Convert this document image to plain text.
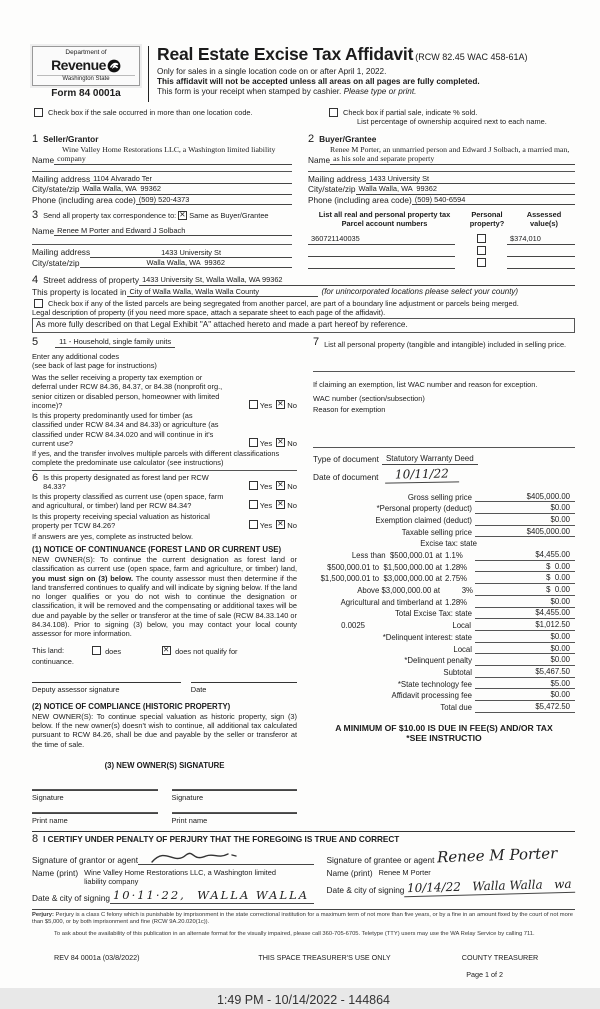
Department of
Revenue
Washington State
Form 84 0001a
Real Estate Excise Tax Affidavit (RCW 82.45 WAC 458-61A)
Only for sales in a single location code on or after April 1, 2022.
This affidavit will not be accepted unless all areas on all pages are fully completed.
This form is your receipt when stamped by cashier. Please type or print.
Check box if the sale occurred in more than one location code.	Check box if partial sale, indicate % sold.
List percentage of ownership acquired next to each name.
1 Seller/Grantor
Wine Valley Home Restorations LLC, a Washington limited liability
Name company
Mailing address 1104 Alvarado Ter
City/state/zip Walla Walla, WA  99362
Phone (including area code) (509) 520-4373
2 Buyer/Grantee
Renee M Porter, an unmarried person and Edward J Solbach, a married man,
Name as his sole and separate property
Mailing address 1433 University St
City/state/zip Walla Walla, WA  99362
Phone (including area code) (509) 540-6594
3 Send all property tax correspondence to: ✕ Same as Buyer/Grantee
Name Renee M Porter and Edward J Solbach
Mailing address	1433 University St
City/state/zip	Walla Walla, WA  99362
List all real and personal property tax
Parcel account numbers
Personal
property?
Assessed
value(s)
360721140035	$374,010
4 Street address of property 1433 University St, Walla Walla, WA 99362
This property is located in City of Walla Walla, Walla Walla County	(for unincorporated locations please select your county)
Check box if any of the listed parcels are being segregated from another parcel, are part of a boundary line adjustment or parcels being merged.
Legal description of property (if you need more space, attach a separate sheet to each page of the affidavit).
As more fully described on that Legal Exhibit "A" attached hereto and made a part hereof by reference.
5	11 - Household, single family units
Enter any additional codes
(see back of last page for instructions)
Was the seller receiving a property tax exemption or deferral under RCW 84.36, 84.37, or 84.38 (nonprofit org., senior citizen or disabled person, homeowner with limited income)?	Yes ✕ No
Is this property predominantly used for timber (as classified under RCW 84.34 and 84.33) or agriculture (as classified under RCW 84.34.020 and will continue in it's current use?	Yes ✕ No
If yes, and the transfer involves multiple parcels with different classifications
complete the predominate use calculator (see instructions)
6 Is this property designated as forest land per RCW 84.33?	Yes ✕ No
Is this property classified as current use (open space, farm and agricultural, or timber) land per RCW 84.34?	Yes ✕ No
Is this property receiving special valuation as historical property per TCW 84.26?	Yes ✕ No
If answers are yes, complete as instructed below.
(1) NOTICE OF CONTINUANCE (FOREST LAND OR CURRENT USE)
NEW OWNER(S): To continue the current designation as forest land or classification as current use (open space, farm and agriculture, or timber) land, you must sign on (3) below. The county assessor must then determine if the land transferred continues to qualify and will indicate by signing below. If the land no longer qualifies or you do not wish to continue the designation or classification, it will be removed and the compensating or additional taxes will be due and payable by the seller or transferor at the time of sale (RCW 84.33.140 or 84.34.108). Prior to signing (3) below, you may contact your local county assessor for more information.
This land:	does ✕	does not qualify for
continuance.
Deputy assessor signature	Date
(2) NOTICE OF COMPLIANCE (HISTORIC PROPERTY)
NEW OWNER(S): To continue special valuation as historic property, sign (3) below. If the new owner(s) doesn't wish to continue, all additional tax calculated pursuant to RCW 84.26, shall be due and payable by the seller or transferor at the time of sale.
(3) NEW OWNER(S) SIGNATURE
Signature	Signature
Print name	Print name
7 List all personal property (tangible and intangible) included in selling price.
If claiming an exemption, list WAC number and reason for exception.
WAC number (section/subsection)
Reason for exemption
Type of document Statutory Warranty Deed
Date of document	10/11/22
Gross selling price	$405,000.00
*Personal property (deduct)	$0.00
Exemption claimed (deduct)	$0.00
Taxable selling price	$405,000.00
Excise tax: state
Less than  $500,000.01 at 1.1%	$4,455.00
$500,000.01 to  $1,500,000.00 at 1.28%	$  0.00
$1,500,000.01 to  $3,000,000.00 at 2.75%	$  0.00
Above $3,000,000.00 at	3%	$  0.00
Agricultural and timberland at 1.28%	$0.00
Total Excise Tax: state	$4,455.00
0.0025	Local	$1,012.50
*Delinquent interest: state	$0.00
Local	$0.00
*Delinquent penalty	$0.00
Subtotal	$5,467.50
*State technology fee	$5.00
Affidavit processing fee	$0.00
Total due	$5,472.50
A MINIMUM OF $10.00 IS DUE IN FEE(S) AND/OR TAX
*SEE INSTRUCTIO
8 I CERTIFY UNDER PENALTY OF PERJURY THAT THE FOREGOING IS TRUE AND CORRECT
Signature of grantor or agent

Name (print) Wine Valley Home Restorations LLC, a Washington limited liability company
Date & city of signing 10·11·22,  WALLA WALLA
Signature of grantee or agent Renee M Porter
Name (print) Renee M Porter
Date & city of signing 10/14/22   Walla Walla   wa
Perjury: Perjury is a class C felony which is punishable by imprisonment in the state correctional institution for a maximum term of not more than five years, or by a fine in an amount fixed by the court of not more than $5,000, or by both imprisonment and fine (RCW 9A.20.020(1c)).
To ask about the availability of this publication in an alternate format for the visually impaired, please call 360-705-6705. Teletype (TTY) users may use the WA Relay Service by calling 711.
REV 84 0001a (03/8/2022)	THIS SPACE TREASURER'S USE ONLY	COUNTY TREASURER
Page 1 of 2
1:49 PM - 10/14/2022 - 144864
